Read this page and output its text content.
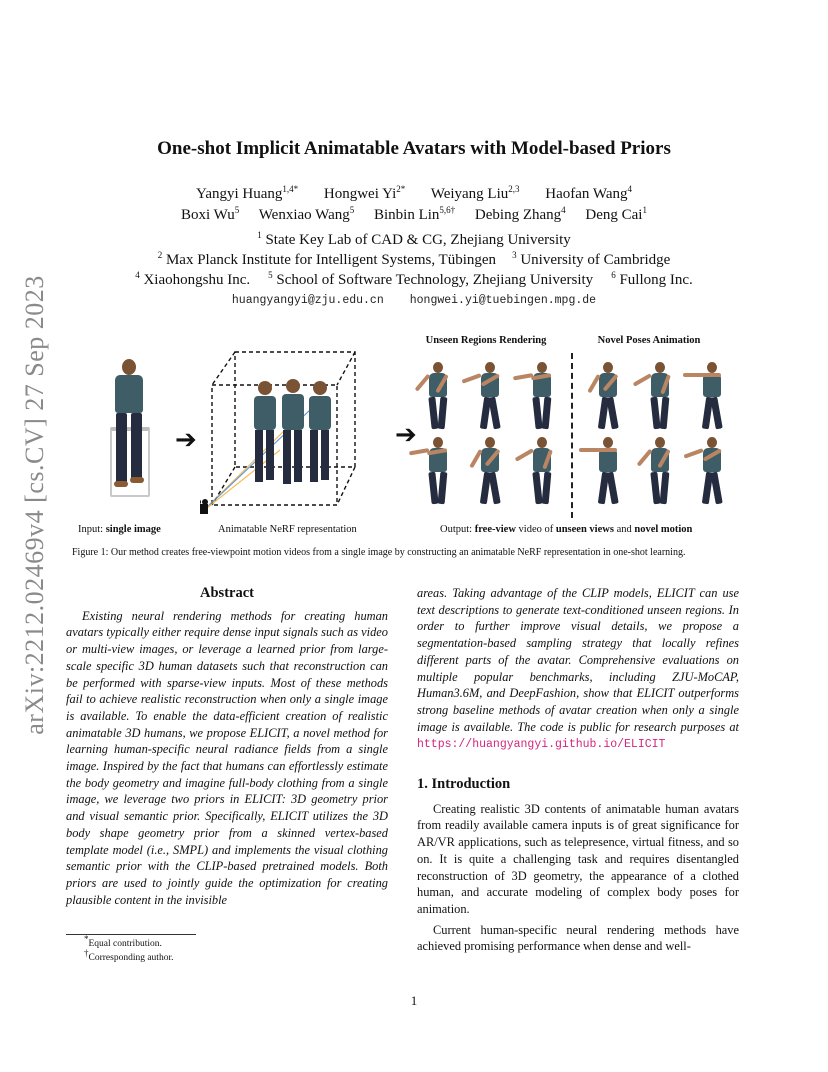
arXiv:2212.02469v4 [cs.CV] 27 Sep 2023
One-shot Implicit Animatable Avatars with Model-based Priors
Yangyi Huang$^{1,4*}$ Hongwei $Yi^{2*}$ Weiyang Liu$^{2,3}$ Haofan Wang$^4$
Boxi Wu$^5$ Wenxiao Wang$^5$ Binbin Lin$^{5,6\dagger}$ Debing Zhang$^4$ Deng Cai$^1$
$^1$ State Key Lab of CAD & CG, Zhejiang University
$^2$ Max Planck Institute for Intelligent Systems, Tübingen $^3$ University of Cambridge
$^4$ Xiaohongshu Inc. $^5$ School of Software Technology, Zhejiang University $^6$ Fullong Inc.
huangyangyi@zju.edu.cn hongwei.yi@tuebingen.mpg.de
➔	➔
Unseen Regions Rendering	Novel Poses Animation
Input: single image	Animatable NeRF representation	Output: free-view video of unseen views and novel motion
Figure 1: Our method creates free-viewpoint motion videos from a single image by constructing an animatable NeRF representation in one-shot learning.
Abstract

Existing neural rendering methods for creating human avatars typically either require dense input signals such as video or multi-view images, or leverage a learned prior from large-scale specific 3D human datasets such that reconstruction can be performed with sparse-view inputs. Most of these methods fail to achieve realistic reconstruction when only a single image is available. To enable the data-efficient creation of realistic animatable 3D humans, we propose ELICIT, a novel method for learning human-specific neural radiance fields from a single image. Inspired by the fact that humans can effortlessly estimate the body geometry and imagine full-body clothing from a single image, we leverage two priors in ELICIT: 3D geometry prior and visual semantic prior. Specifically, ELICIT utilizes the 3D body shape geometry prior from a skinned vertex-based template model (i.e., SMPL) and implements the visual clothing semantic prior with the CLIP-based pretrained models. Both priors are used to jointly guide the optimization for creating plausible content in the invisible

areas. Taking advantage of the CLIP models, ELICIT can use text descriptions to generate text-conditioned unseen regions. In order to further improve visual details, we propose a segmentation-based sampling strategy that locally refines different parts of the avatar. Comprehensive evaluations on multiple popular benchmarks, including ZJU-MoCAP, Human3.6M, and DeepFashion, show that ELICIT outperforms strong baseline methods of avatar creation when only a single image is available. The code is public for research purposes at https://huangyangyi.github.io/ELICIT

1. Introduction

Creating realistic 3D contents of animatable human avatars from readily available camera inputs is of great significance for AR/VR applications, such as telepresence, virtual fitness, and so on. It is quite a challenging task and requires disentangled reconstruction of 3D geometry, the appearance of a clothed human, and accurate modeling of complex body poses for animation.

Current human-specific neural rendering methods have achieved promising performance when dense and well-

*Equal contribution.
†Corresponding author.
1
